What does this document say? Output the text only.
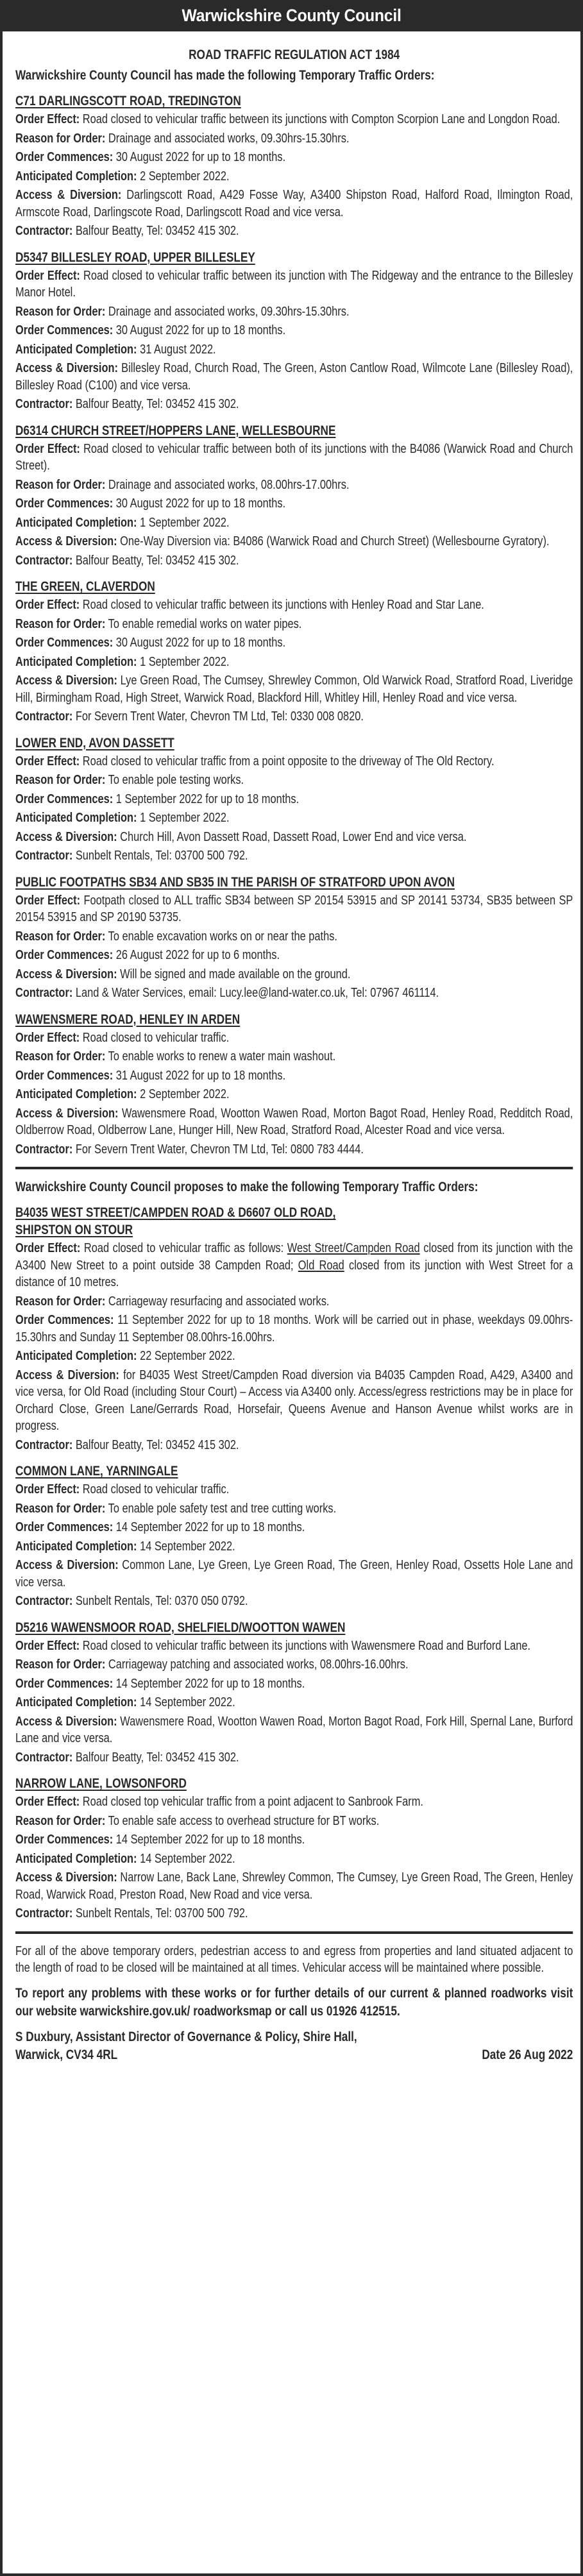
Warwickshire County Council
ROAD TRAFFIC REGULATION ACT 1984
Warwickshire County Council has made the following Temporary Traffic Orders:
C71 DARLINGSCOTT ROAD, TREDINGTON

Order Effect: Road closed to vehicular traffic between its junctions with Compton Scorpion Lane and Longdon Road.

Reason for Order: Drainage and associated works, 09.30hrs-15.30hrs.

Order Commences: 30 August 2022 for up to 18 months.

Anticipated Completion: 2 September 2022.

Access & Diversion: Darlingscott Road, A429 Fosse Way, A3400 Shipston Road, Halford Road, Ilmington Road, Armscote Road, Darlingscote Road, Darlingscott Road and vice versa.

Contractor: Balfour Beatty, Tel: 03452 415 302.

D5347 BILLESLEY ROAD, UPPER BILLESLEY

Order Effect: Road closed to vehicular traffic between its junction with The Ridgeway and the entrance to the Billesley Manor Hotel.

Reason for Order: Drainage and associated works, 09.30hrs-15.30hrs.

Order Commences: 30 August 2022 for up to 18 months.

Anticipated Completion: 31 August 2022.

Access & Diversion: Billesley Road, Church Road, The Green, Aston Cantlow Road, Wilmcote Lane (Billesley Road), Billesley Road (C100) and vice versa.

Contractor: Balfour Beatty, Tel: 03452 415 302.

D6314 CHURCH STREET/HOPPERS LANE, WELLESBOURNE

Order Effect: Road closed to vehicular traffic between both of its junctions with the B4086 (Warwick Road and Church Street).

Reason for Order: Drainage and associated works, 08.00hrs-17.00hrs.

Order Commences: 30 August 2022 for up to 18 months.

Anticipated Completion: 1 September 2022.

Access & Diversion: One-Way Diversion via: B4086 (Warwick Road and Church Street) (Wellesbourne Gyratory).

Contractor: Balfour Beatty, Tel: 03452 415 302.

THE GREEN, CLAVERDON

Order Effect: Road closed to vehicular traffic between its junctions with Henley Road and Star Lane.

Reason for Order: To enable remedial works on water pipes.

Order Commences: 30 August 2022 for up to 18 months.

Anticipated Completion: 1 September 2022.

Access & Diversion: Lye Green Road, The Cumsey, Shrewley Common, Old Warwick Road, Stratford Road, Liveridge Hill, Birmingham Road, High Street, Warwick Road, Blackford Hill, Whitley Hill, Henley Road and vice versa.

Contractor: For Severn Trent Water, Chevron TM Ltd, Tel: 0330 008 0820.

LOWER END, AVON DASSETT

Order Effect: Road closed to vehicular traffic from a point opposite to the driveway of The Old Rectory.

Reason for Order: To enable pole testing works.

Order Commences: 1 September 2022 for up to 18 months.

Anticipated Completion: 1 September 2022.

Access & Diversion: Church Hill, Avon Dassett Road, Dassett Road, Lower End and vice versa.

Contractor: Sunbelt Rentals, Tel: 03700 500 792.

PUBLIC FOOTPATHS SB34 AND SB35 IN THE PARISH OF STRATFORD UPON AVON

Order Effect: Footpath closed to ALL traffic SB34 between SP 20154 53915 and SP 20141 53734, SB35 between SP 20154 53915 and SP 20190 53735.

Reason for Order: To enable excavation works on or near the paths.

Order Commences: 26 August 2022 for up to 6 months.

Access & Diversion: Will be signed and made available on the ground.

Contractor: Land & Water Services, email: Lucy.lee@land-water.co.uk, Tel: 07967 461114.

WAWENSMERE ROAD, HENLEY IN ARDEN

Order Effect: Road closed to vehicular traffic.

Reason for Order: To enable works to renew a water main washout.

Order Commences: 31 August 2022 for up to 18 months.

Anticipated Completion: 2 September 2022.

Access & Diversion: Wawensmere Road, Wootton Wawen Road, Morton Bagot Road, Henley Road, Redditch Road, Oldberrow Road, Oldberrow Lane, Hunger Hill, New Road, Stratford Road, Alcester Road and vice versa.

Contractor: For Severn Trent Water, Chevron TM Ltd, Tel: 0800 783 4444.

Warwickshire County Council proposes to make the following Temporary Traffic Orders:
B4035 WEST STREET/CAMPDEN ROAD & D6607 OLD ROAD,
SHIPSTON ON STOUR

Order Effect: Road closed to vehicular traffic as follows: West Street/Campden Road closed from its junction with the A3400 New Street to a point outside 38 Campden Road; Old Road closed from its junction with West Street for a distance of 10 metres.

Reason for Order: Carriageway resurfacing and associated works.

Order Commences: 11 September 2022 for up to 18 months. Work will be carried out in phase, weekdays 09.00hrs-15.30hrs and Sunday 11 September 08.00hrs-16.00hrs.

Anticipated Completion: 22 September 2022.

Access & Diversion: for B4035 West Street/Campden Road diversion via B4035 Campden Road, A429, A3400 and vice versa, for Old Road (including Stour Court) – Access via A3400 only. Access/egress restrictions may be in place for Orchard Close, Green Lane/Gerrards Road, Horsefair, Queens Avenue and Hanson Avenue whilst works are in progress.

Contractor: Balfour Beatty, Tel: 03452 415 302.

COMMON LANE, YARNINGALE

Order Effect: Road closed to vehicular traffic.

Reason for Order: To enable pole safety test and tree cutting works.

Order Commences: 14 September 2022 for up to 18 months.

Anticipated Completion: 14 September 2022.

Access & Diversion: Common Lane, Lye Green, Lye Green Road, The Green, Henley Road, Ossetts Hole Lane and vice versa.

Contractor: Sunbelt Rentals, Tel: 0370 050 0792.

D5216 WAWENSMOOR ROAD, SHELFIELD/WOOTTON WAWEN

Order Effect: Road closed to vehicular traffic between its junctions with Wawensmere Road and Burford Lane.

Reason for Order: Carriageway patching and associated works, 08.00hrs-16.00hrs.

Order Commences: 14 September 2022 for up to 18 months.

Anticipated Completion: 14 September 2022.

Access & Diversion: Wawensmere Road, Wootton Wawen Road, Morton Bagot Road, Fork Hill, Spernal Lane, Burford Lane and vice versa.

Contractor: Balfour Beatty, Tel: 03452 415 302.

NARROW LANE, LOWSONFORD

Order Effect: Road closed top vehicular traffic from a point adjacent to Sanbrook Farm.

Reason for Order: To enable safe access to overhead structure for BT works.

Order Commences: 14 September 2022 for up to 18 months.

Anticipated Completion: 14 September 2022.

Access & Diversion: Narrow Lane, Back Lane, Shrewley Common, The Cumsey, Lye Green Road, The Green, Henley Road, Warwick Road, Preston Road, New Road and vice versa.

Contractor: Sunbelt Rentals, Tel: 03700 500 792.

For all of the above temporary orders, pedestrian access to and egress from properties and land situated adjacent to the length of road to be closed will be maintained at all times. Vehicular access will be maintained where possible.

To report any problems with these works or for further details of our current & planned roadworks visit our website warwickshire.gov.uk/ roadworksmap or call us 01926 412515.

S Duxbury, Assistant Director of Governance & Policy, Shire Hall,
Warwick, CV34 4RL	Date 26 Aug 2022
